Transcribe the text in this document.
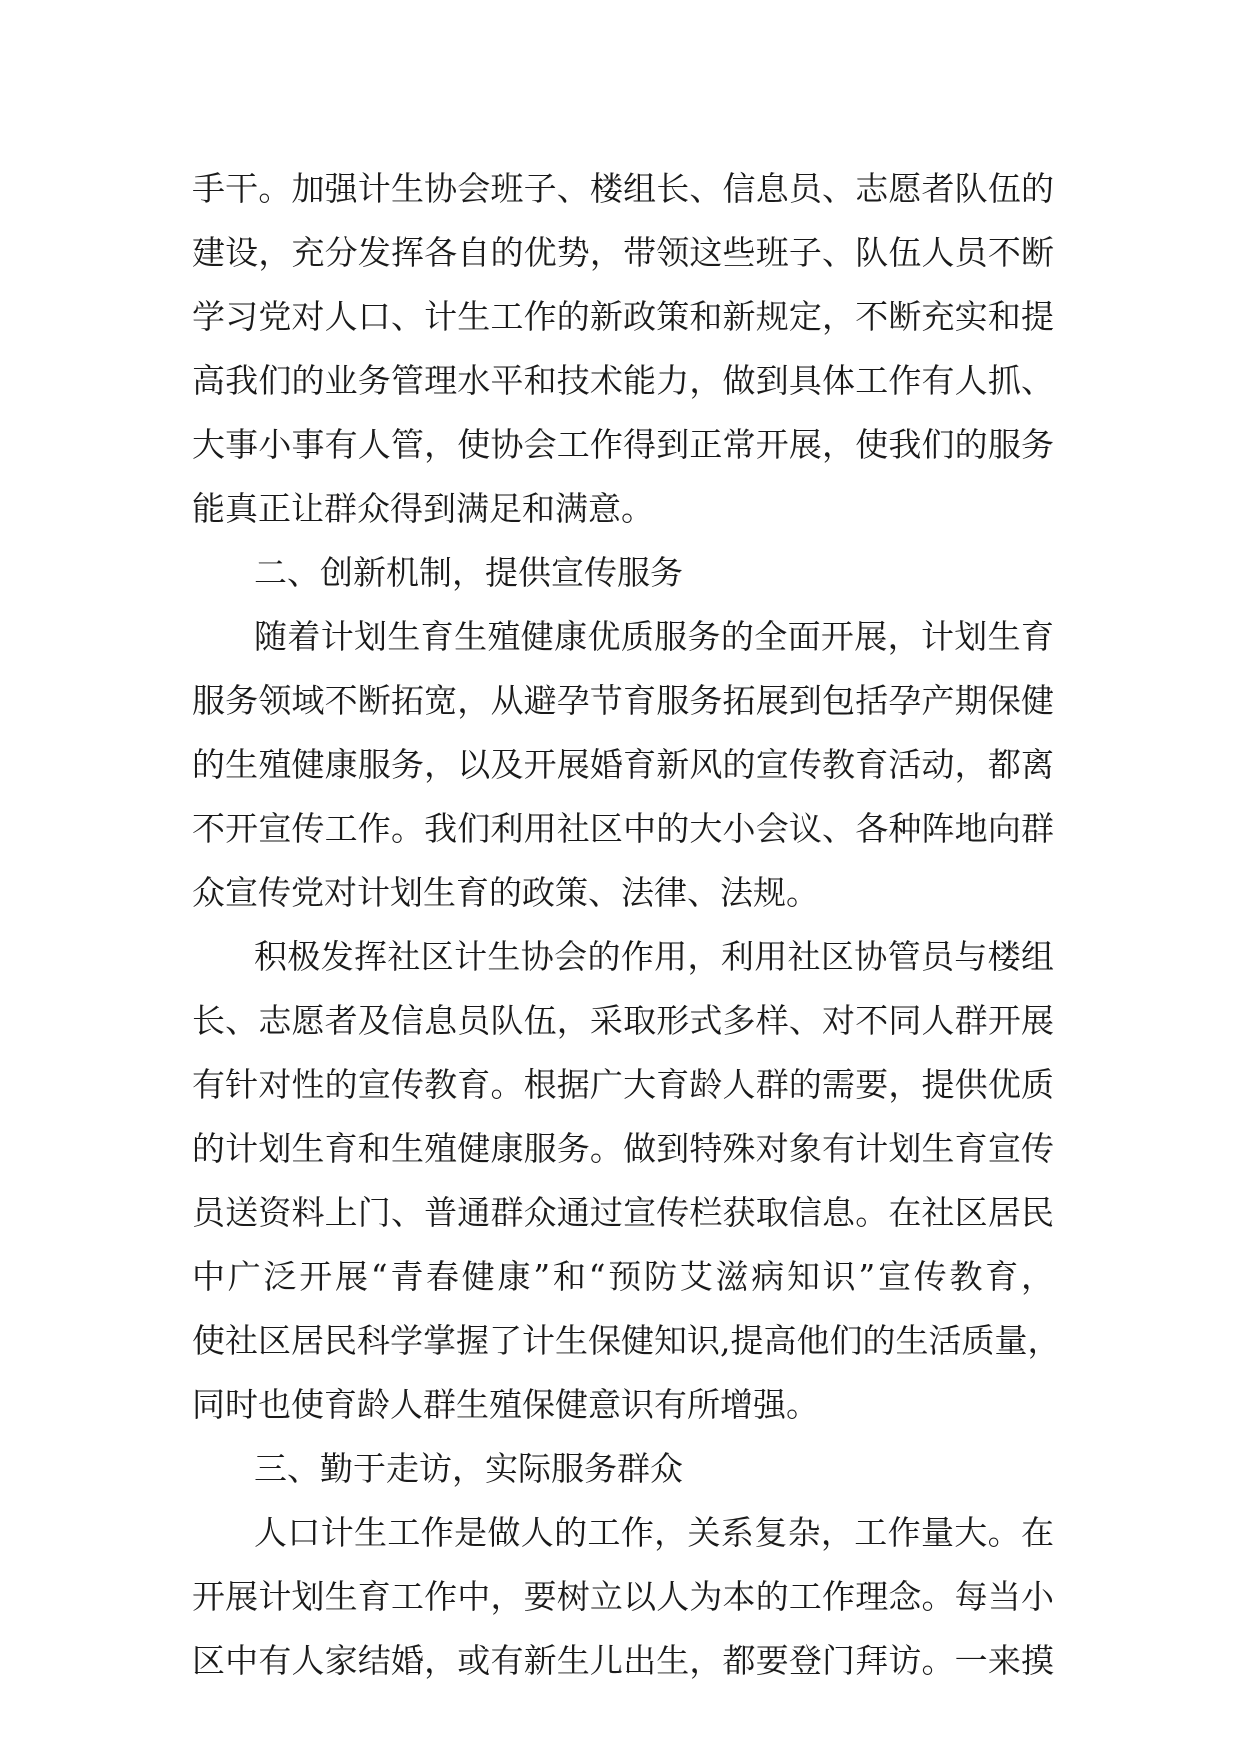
手干。加强计生协会班子、楼组长、信息员、志愿者队伍的
建设，充分发挥各自的优势，带领这些班子、队伍人员不断
学习党对人口、计生工作的新政策和新规定，不断充实和提
高我们的业务管理水平和技术能力，做到具体工作有人抓、
大事小事有人管，使协会工作得到正常开展，使我们的服务
能真正让群众得到满足和满意。
二、创新机制，提供宣传服务
随着计划生育生殖健康优质服务的全面开展，计划生育
服务领域不断拓宽，从避孕节育服务拓展到包括孕产期保健
的生殖健康服务，以及开展婚育新风的宣传教育活动，都离
不开宣传工作。我们利用社区中的大小会议、各种阵地向群
众宣传党对计划生育的政策、法律、法规。
积极发挥社区计生协会的作用，利用社区协管员与楼组
长、志愿者及信息员队伍，采取形式多样、对不同人群开展
有针对性的宣传教育。根据广大育龄人群的需要，提供优质
的计划生育和生殖健康服务。做到特殊对象有计划生育宣传
员送资料上门、普通群众通过宣传栏获取信息。在社区居民
中广泛开展“青春健康”和“预防艾滋病知识”宣传教育，
使社区居民科学掌握了计生保健知识,提高他们的生活质量，
同时也使育龄人群生殖保健意识有所增强。
三、勤于走访，实际服务群众
人口计生工作是做人的工作，关系复杂，工作量大。在
开展计划生育工作中，要树立以人为本的工作理念。每当小
区中有人家结婚，或有新生儿出生，都要登门拜访。一来摸
